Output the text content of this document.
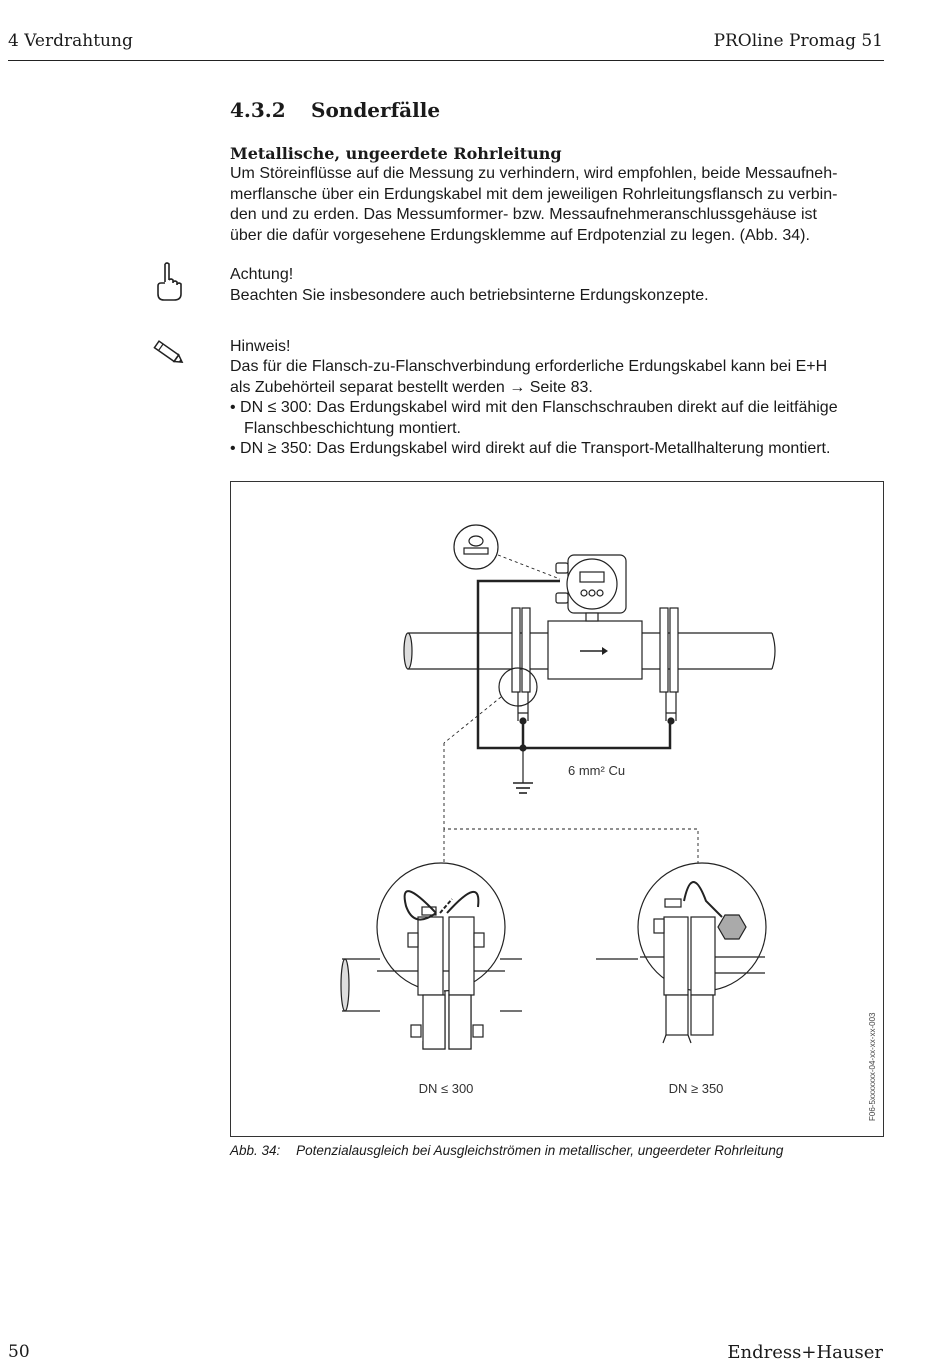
4 Verdrahtung	PROline Promag 51
4.3.2 Sonderfälle
Metallische, ungeerdete Rohrleitung
Um Störeinflüsse auf die Messung zu verhindern, wird empfohlen, beide Messaufneh-
merflansche über ein Erdungskabel mit dem jeweiligen Rohrleitungsflansch zu verbin-
den und zu erden. Das Messumformer- bzw. Messaufnehmeranschlussgehäuse ist
über die dafür vorgesehene Erdungsklemme auf Erdpotenzial zu legen. (Abb. 34).
Achtung!
Beachten Sie insbesondere auch betriebsinterne Erdungskonzepte.
Hinweis!
Das für die Flansch-zu-Flanschverbindung erforderliche Erdungskabel kann bei E+H
als Zubehörteil separat bestellt werden → Seite 83.
• DN ≤ 300: Das Erdungskabel wird mit den Flanschschrauben direkt auf die leitfähige
Flanschbeschichtung montiert.
• DN ≥ 350: Das Erdungskabel wird direkt auf die Transport-Metallhalterung montiert.
6 mm² Cu
DN ≤ 300	DN ≥ 350	F06-5xxxxxxx-04-xx-xx-xx-003
Abb. 34: Potenzialausgleich bei Ausgleichströmen in metallischer, ungeerdeter Rohrleitung
50	Endress+Hauser
